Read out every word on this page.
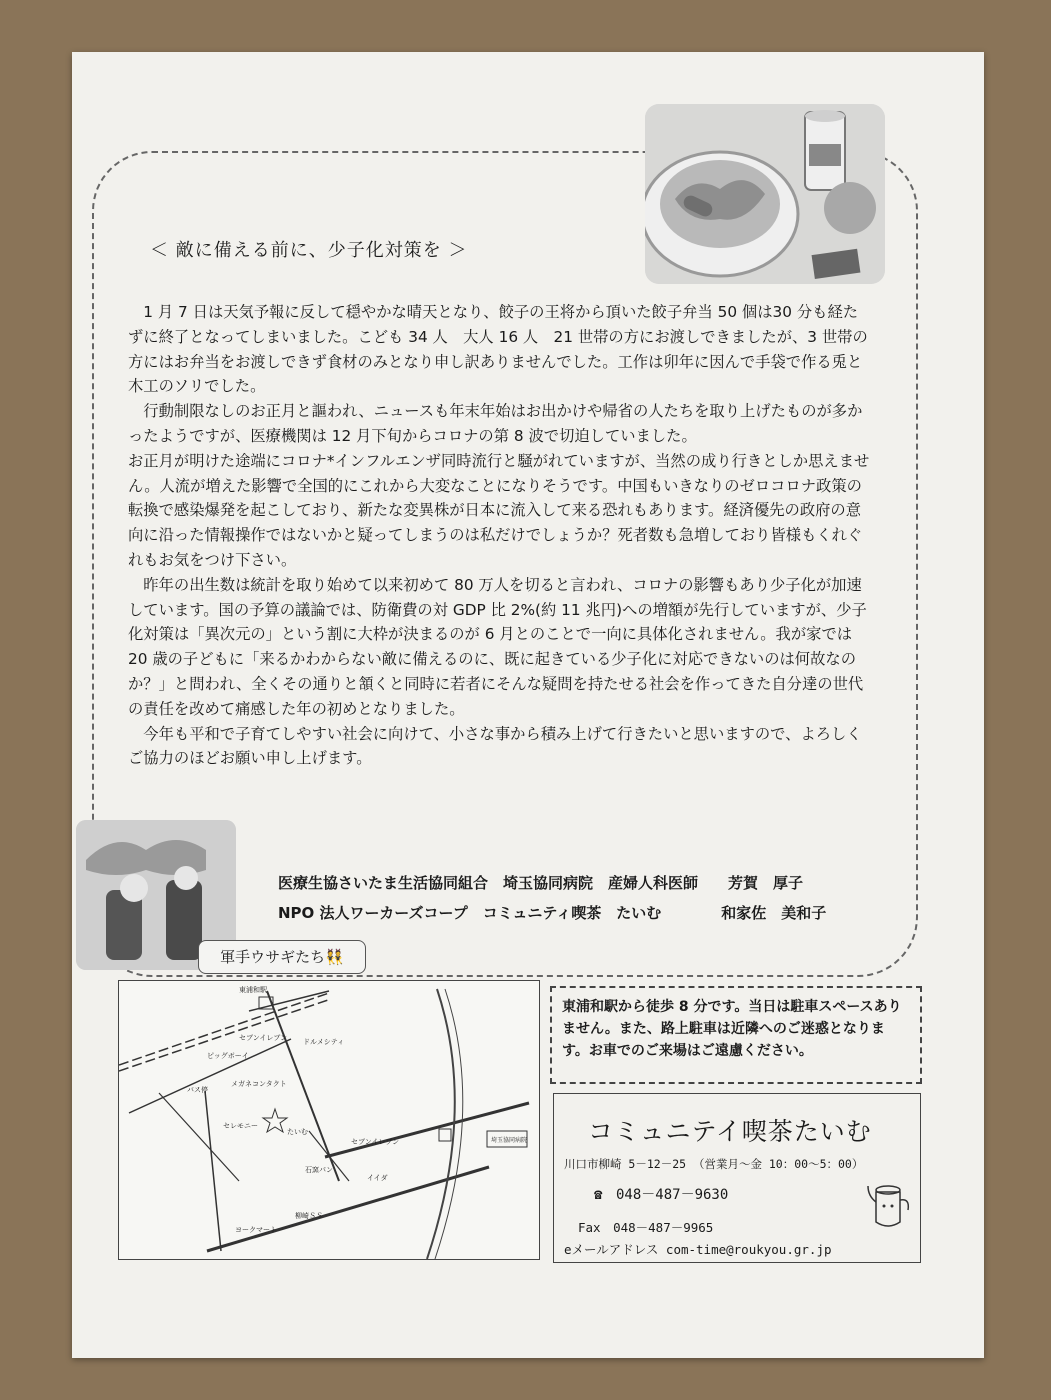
＜ 敵に備える前に、少子化対策を ＞

　1 月 7 日は天気予報に反して穏やかな晴天となり、餃子の王将から頂いた餃子弁当 50 個は30 分も経たずに終了となってしまいました。こども 34 人　大人 16 人　21 世帯の方にお渡しできましたが、3 世帯の方にはお弁当をお渡しできず食材のみとなり申し訳ありませんでした。工作は卯年に因んで手袋で作る兎と木工のソリでした。

　行動制限なしのお正月と謳われ、ニュースも年末年始はお出かけや帰省の人たちを取り上げたものが多かったようですが、医療機関は 12 月下旬からコロナの第 8 波で切迫していました。

お正月が明けた途端にコロナ*インフルエンザ同時流行と騒がれていますが、当然の成り行きとしか思えません。人流が増えた影響で全国的にこれから大変なことになりそうです。中国もいきなりのゼロコロナ政策の転換で感染爆発を起こしており、新たな変異株が日本に流入して来る恐れもあります。経済優先の政府の意向に沿った情報操作ではないかと疑ってしまうのは私だけでしょうか？死者数も急増しており皆様もくれぐれもお気をつけ下さい。

　昨年の出生数は統計を取り始めて以来初めて 80 万人を切ると言われ、コロナの影響もあり少子化が加速しています。国の予算の議論では、防衛費の対 GDP 比 2%(約 11 兆円)への増額が先行していますが、少子化対策は「異次元の」という割に大枠が決まるのが 6 月とのことで一向に具体化されません。我が家では 20 歳の子どもに「来るかわからない敵に備えるのに、既に起きている少子化に対応できないのは何故なのか？」と問われ、全くその通りと頷くと同時に若者にそんな疑問を持たせる社会を作ってきた自分達の世代の責任を改めて痛感した年の初めとなりました。

　今年も平和で子育てしやすい社会に向けて、小さな事から積み上げて行きたいと思いますので、よろしくご協力のほどお願い申し上げます。

軍手ウサギたち👯
医療生協さいたま生活協同組合　埼玉協同病院　産婦人科医師　　芳賀　厚子
NPO 法人ワーカーズコープ　コミュニティ喫茶　たいむ　　　　和家佐　美和子
東浦和駅
セブンイレブン ドルメシティ
ピッグボーイ
バス停
メガネコンタクト
たいむ
セレモニー
セブンイレブン	埼玉協同病院
石窯パン
イイダ
柳崎ＳＳ
ヨークマート
東浦和駅から徒歩 8 分です。当日は駐車スペースありません。また、路上駐車は近隣へのご迷惑となります。お車でのご来場はご遠慮ください。
コミュニテイ喫茶たいむ
川口市柳崎 5－12－25 （営業月～金 10：00～5：00）
☎ 048－487－9630
Fax　048－487－9965
eメールアドレス com-time@roukyou.gr.jp
